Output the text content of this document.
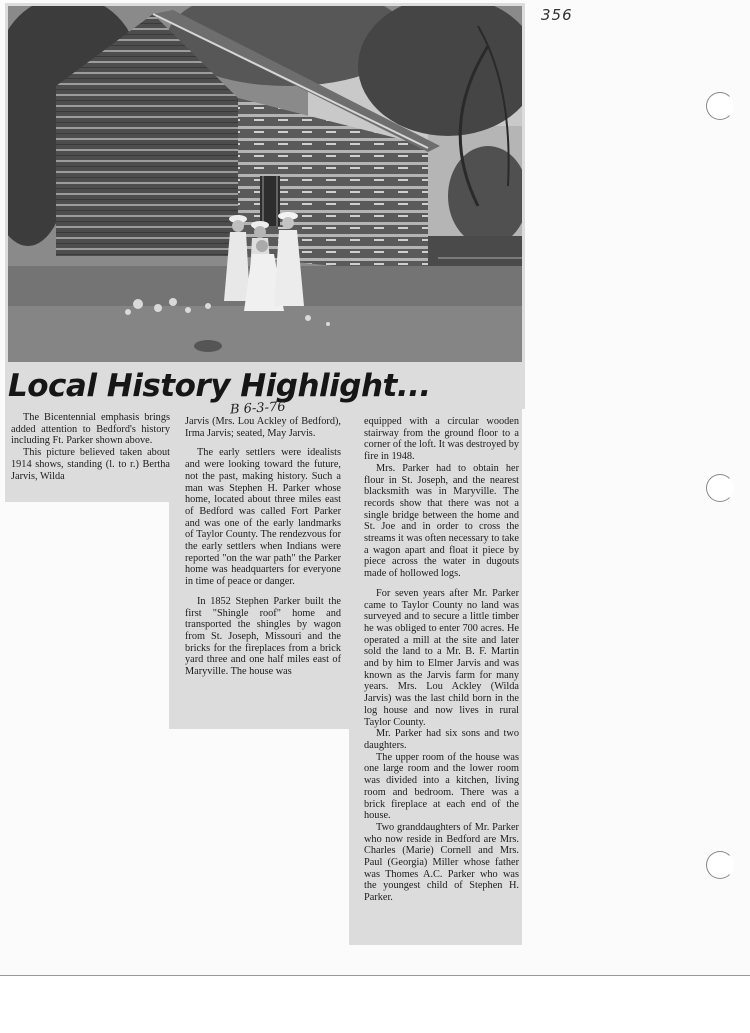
356
Local History Highlight...
B 6-3-76

The Bicentennial emphasis brings added attention to Bedford's history including Ft. Parker shown above.

This picture believed taken about 1914 shows, standing (l. to r.) Bertha Jarvis, Wilda

Jarvis (Mrs. Lou Ackley of Bedford), Irma Jarvis; seated, May Jarvis.

The early settlers were idealists and were looking toward the future, not the past, making history. Such a man was Stephen H. Parker whose home, located about three miles east of Bedford was called Fort Parker and was one of the early landmarks of Taylor County. The rendezvous for the early settlers when Indians were reported "on the war path" the Parker home was headquarters for everyone in time of peace or danger.

In 1852 Stephen Parker built the first "Shingle roof" home and transported the shingles by wagon from St. Joseph, Missouri and the bricks for the fireplaces from a brick yard three and one half miles east of Maryville. The house was

equipped with a circular wooden stairway from the ground floor to a corner of the loft. It was destroyed by fire in 1948.

Mrs. Parker had to obtain her flour in St. Joseph, and the nearest blacksmith was in Maryville. The records show that there was not a single bridge between the home and St. Joe and in order to cross the streams it was often necessary to take a wagon apart and float it piece by piece across the water in dugouts made of hollowed logs.

For seven years after Mr. Parker came to Taylor County no land was surveyed and to secure a little timber he was obliged to enter 700 acres. He operated a mill at the site and later sold the land to a Mr. B. F. Martin and by him to Elmer Jarvis and was known as the Jarvis farm for many years. Mrs. Lou Ackley (Wilda Jarvis) was the last child born in the log house and now lives in rural Taylor County.

Mr. Parker had six sons and two daughters.

The upper room of the house was one large room and the lower room was divided into a kitchen, living room and bedroom. There was a brick fireplace at each end of the house.

Two granddaughters of Mr. Parker who now reside in Bedford are Mrs. Charles (Marie) Cornell and Mrs. Paul (Georgia) Miller whose father was Thomes A.C. Parker who was the youngest child of Stephen H. Parker.
